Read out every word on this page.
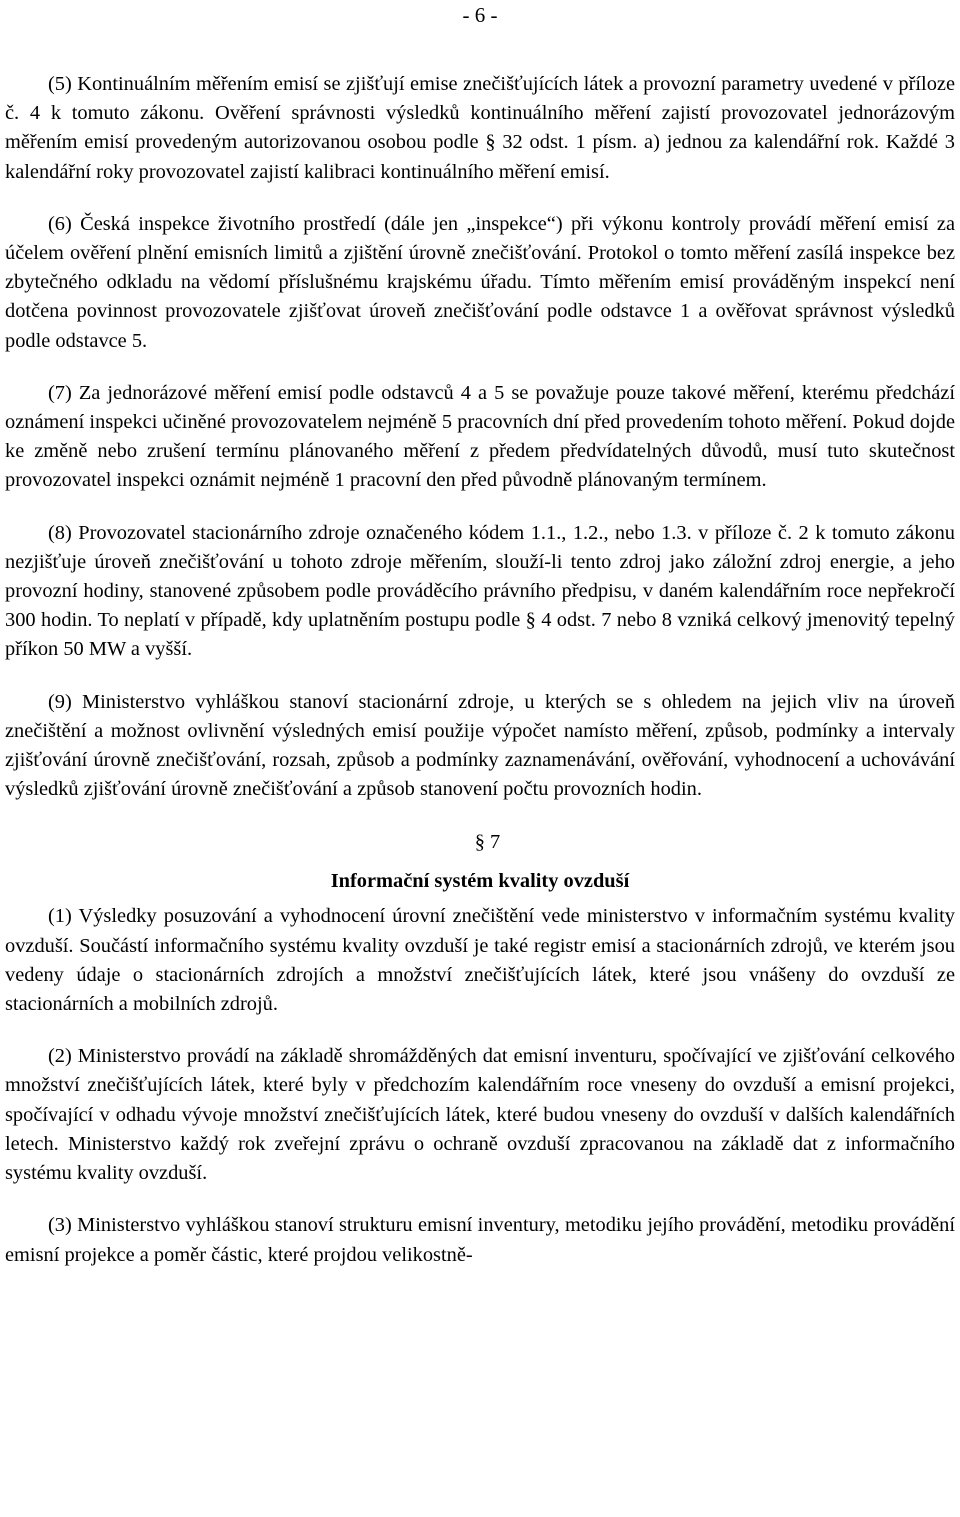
- 6 -

(5) Kontinuálním měřením emisí se zjišťují emise znečišťujících látek a provozní parametry uvedené v příloze č. 4 k tomuto zákonu. Ověření správnosti výsledků kontinuálního měření zajistí provozovatel jednorázovým měřením emisí provedeným autorizovanou osobou podle § 32 odst. 1 písm. a) jednou za kalendářní rok. Každé 3 kalendářní roky provozovatel zajistí kalibraci kontinuálního měření emisí.

(6) Česká inspekce životního prostředí (dále jen „inspekce“) při výkonu kontroly provádí měření emisí za účelem ověření plnění emisních limitů a zjištění úrovně znečišťování. Protokol o tomto měření zasílá inspekce bez zbytečného odkladu na vědomí příslušnému krajskému úřadu. Tímto měřením emisí prováděným inspekcí není dotčena povinnost provozovatele zjišťovat úroveň znečišťování podle odstavce 1 a ověřovat správnost výsledků podle odstavce 5.

(7) Za jednorázové měření emisí podle odstavců 4 a 5 se považuje pouze takové měření, kterému předchází oznámení inspekci učiněné provozovatelem nejméně 5 pracovních dní před provedením tohoto měření. Pokud dojde ke změně nebo zrušení termínu plánovaného měření z předem předvídatelných důvodů, musí tuto skutečnost provozovatel inspekci oznámit nejméně 1 pracovní den před původně plánovaným termínem.

(8) Provozovatel stacionárního zdroje označeného kódem 1.1., 1.2., nebo 1.3. v příloze č. 2 k tomuto zákonu nezjišťuje úroveň znečišťování u tohoto zdroje měřením, slouží-li tento zdroj jako záložní zdroj energie, a jeho provozní hodiny, stanovené způsobem podle prováděcího právního předpisu, v daném kalendářním roce nepřekročí 300 hodin. To neplatí v případě, kdy uplatněním postupu podle § 4 odst. 7 nebo 8 vzniká celkový jmenovitý tepelný příkon 50 MW a vyšší.

(9) Ministerstvo vyhláškou stanoví stacionární zdroje, u kterých se s ohledem na jejich vliv na úroveň znečištění a možnost ovlivnění výsledných emisí použije výpočet namísto měření, způsob, podmínky a intervaly zjišťování úrovně znečišťování, rozsah, způsob a podmínky zaznamenávání, ověřování, vyhodnocení a uchovávání výsledků zjišťování úrovně znečišťování a způsob stanovení počtu provozních hodin.

§ 7
Informační systém kvality ovzduší

(1) Výsledky posuzování a vyhodnocení úrovní znečištění vede ministerstvo v informačním systému kvality ovzduší. Součástí informačního systému kvality ovzduší je také registr emisí a stacionárních zdrojů, ve kterém jsou vedeny údaje o stacionárních zdrojích a množství znečišťujících látek, které jsou vnášeny do ovzduší ze stacionárních a mobilních zdrojů.

(2) Ministerstvo provádí na základě shromážděných dat emisní inventuru, spočívající ve zjišťování celkového množství znečišťujících látek, které byly v předchozím kalendářním roce vneseny do ovzduší a emisní projekci, spočívající v odhadu vývoje množství znečišťujících látek, které budou vneseny do ovzduší v dalších kalendářních letech. Ministerstvo každý rok zveřejní zprávu o ochraně ovzduší zpracovanou na základě dat z informačního systému kvality ovzduší.

(3) Ministerstvo vyhláškou stanoví strukturu emisní inventury, metodiku jejího provádění, metodiku provádění emisní projekce a poměr částic, které projdou velikostně-
